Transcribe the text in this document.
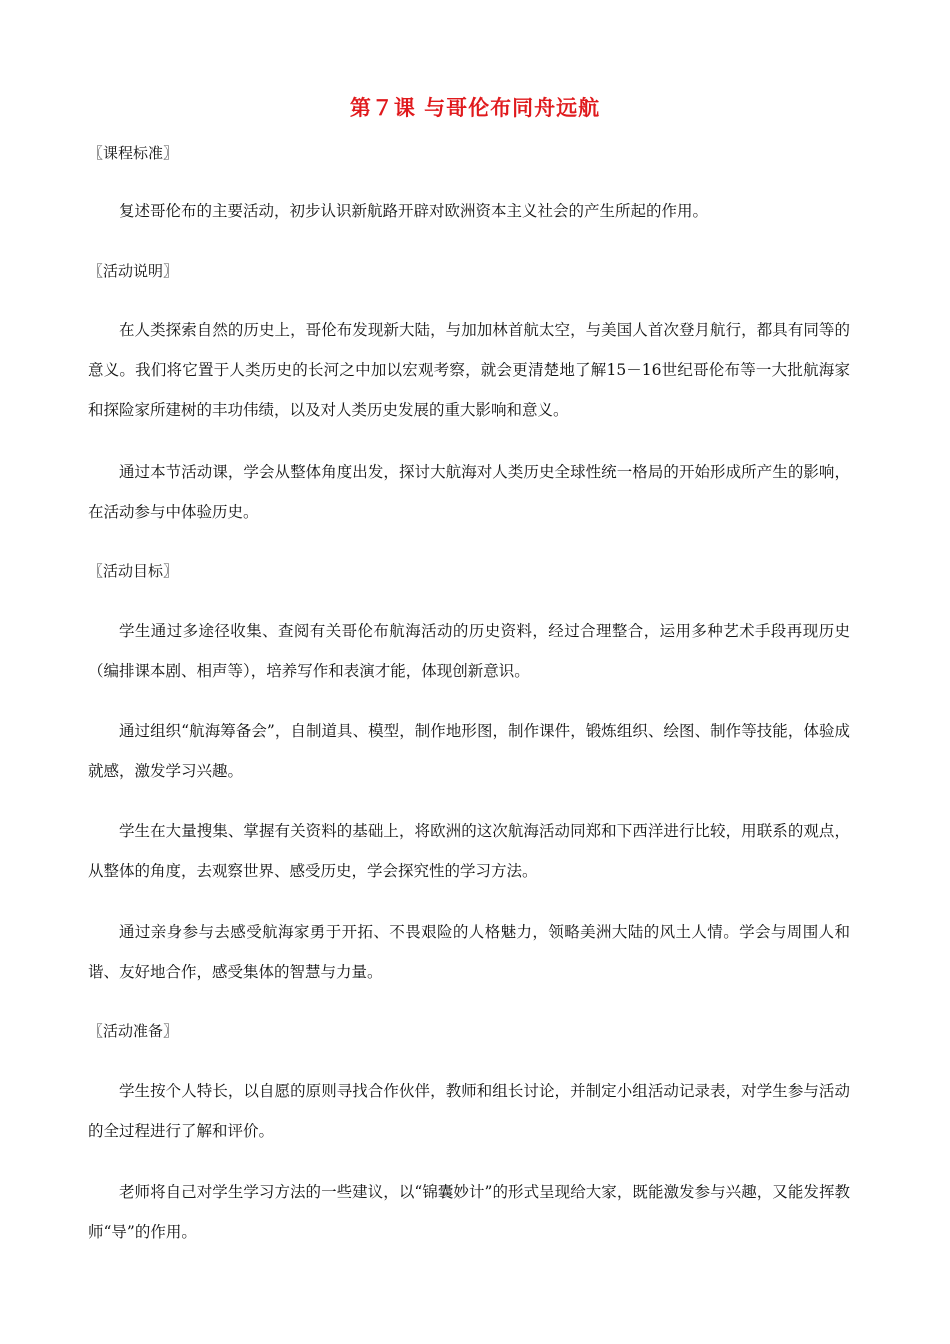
第７课 与哥伦布同舟远航
〖课程标准〗
复述哥伦布的主要活动，初步认识新航路开辟对欧洲资本主义社会的产生所起的作用。
〖活动说明〗
在人类探索自然的历史上，哥伦布发现新大陆，与加加林首航太空，与美国人首次登月航行，都具有同等的意义。我们将它置于人类历史的长河之中加以宏观考察，就会更清楚地了解15－16世纪哥伦布等一大批航海家和探险家所建树的丰功伟绩，以及对人类历史发展的重大影响和意义。
通过本节活动课，学会从整体角度出发，探讨大航海对人类历史全球性统一格局的开始形成所产生的影响，在活动参与中体验历史。
〖活动目标〗
学生通过多途径收集、查阅有关哥伦布航海活动的历史资料，经过合理整合，运用多种艺术手段再现历史（编排课本剧、相声等），培养写作和表演才能，体现创新意识。
通过组织“航海筹备会”，自制道具、模型，制作地形图，制作课件，锻炼组织、绘图、制作等技能，体验成就感，激发学习兴趣。
学生在大量搜集、掌握有关资料的基础上，将欧洲的这次航海活动同郑和下西洋进行比较，用联系的观点，从整体的角度，去观察世界、感受历史，学会探究性的学习方法。
通过亲身参与去感受航海家勇于开拓、不畏艰险的人格魅力，领略美洲大陆的风土人情。学会与周围人和谐、友好地合作，感受集体的智慧与力量。
〖活动准备〗
学生按个人特长，以自愿的原则寻找合作伙伴，教师和组长讨论，并制定小组活动记录表，对学生参与活动的全过程进行了解和评价。
老师将自己对学生学习方法的一些建议，以“锦囊妙计”的形式呈现给大家，既能激发参与兴趣，又能发挥教师“导”的作用。
